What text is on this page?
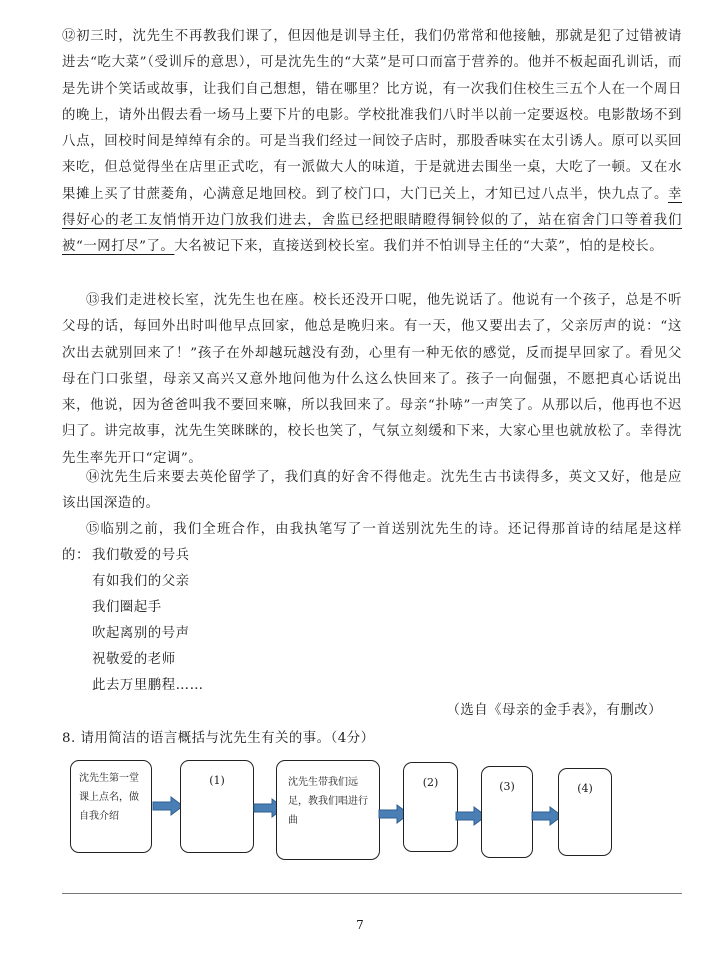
⑫初三时，沈先生不再教我们课了，但因他是训导主任，我们仍常常和他接触，那就是犯了过错被请进去“吃大菜”（受训斥的意思），可是沈先生的“大菜”是可口而富于营养的。他并不板起面孔训话，而是先讲个笑话或故事，让我们自己想想，错在哪里？比方说，有一次我们住校生三五个人在一个周日的晚上，请外出假去看一场马上要下片的电影。学校批准我们八时半以前一定要返校。电影散场不到八点，回校时间是绰绰有余的。可是当我们经过一间饺子店时，那股香味实在太引诱人。原可以买回来吃，但总觉得坐在店里正式吃，有一派做大人的味道，于是就进去围坐一桌，大吃了一顿。又在水果摊上买了甘蔗菱角，心满意足地回校。到了校门口，大门已关上，才知已过八点半，快九点了。幸得好心的老工友悄悄开边门放我们进去，舍监已经把眼睛瞪得铜铃似的了，站在宿舍门口等着我们被“一网打尽”了。大名被记下来，直接送到校长室。我们并不怕训导主任的“大菜”，怕的是校长。

⑬我们走进校长室，沈先生也在座。校长还没开口呢，他先说话了。他说有一个孩子，总是不听父母的话，每回外出时叫他早点回家，他总是晚归来。有一天，他又要出去了，父亲厉声的说：“这次出去就别回来了！”孩子在外却越玩越没有劲，心里有一种无依的感觉，反而提早回家了。看见父母在门口张望，母亲又高兴又意外地问他为什么这么快回来了。孩子一向倔强，不愿把真心话说出来，他说，因为爸爸叫我不要回来嘛，所以我回来了。母亲“扑哧”一声笑了。从那以后，他再也不迟归了。讲完故事，沈先生笑眯眯的，校长也笑了，气氛立刻缓和下来，大家心里也就放松了。幸得沈先生率先开口“定调”。

⑭沈先生后来要去英伦留学了，我们真的好舍不得他走。沈先生古书读得多，英文又好，他是应该出国深造的。

⑮临别之前，我们全班合作，由我执笔写了一首送别沈先生的诗。还记得那首诗的结尾是这样的： 我们敬爱的号兵

有如我们的父亲

我们圈起手

吹起离别的号声

祝敬爱的老师

此去万里鹏程……

（选自《母亲的金手表》，有删改）
8. 请用简洁的语言概括与沈先生有关的事。（4分）
沈先生第一堂课上点名，做自我介绍
(1)	沈先生带我们远足，教我们唱进行曲
(2)	(3)	(4)
7
